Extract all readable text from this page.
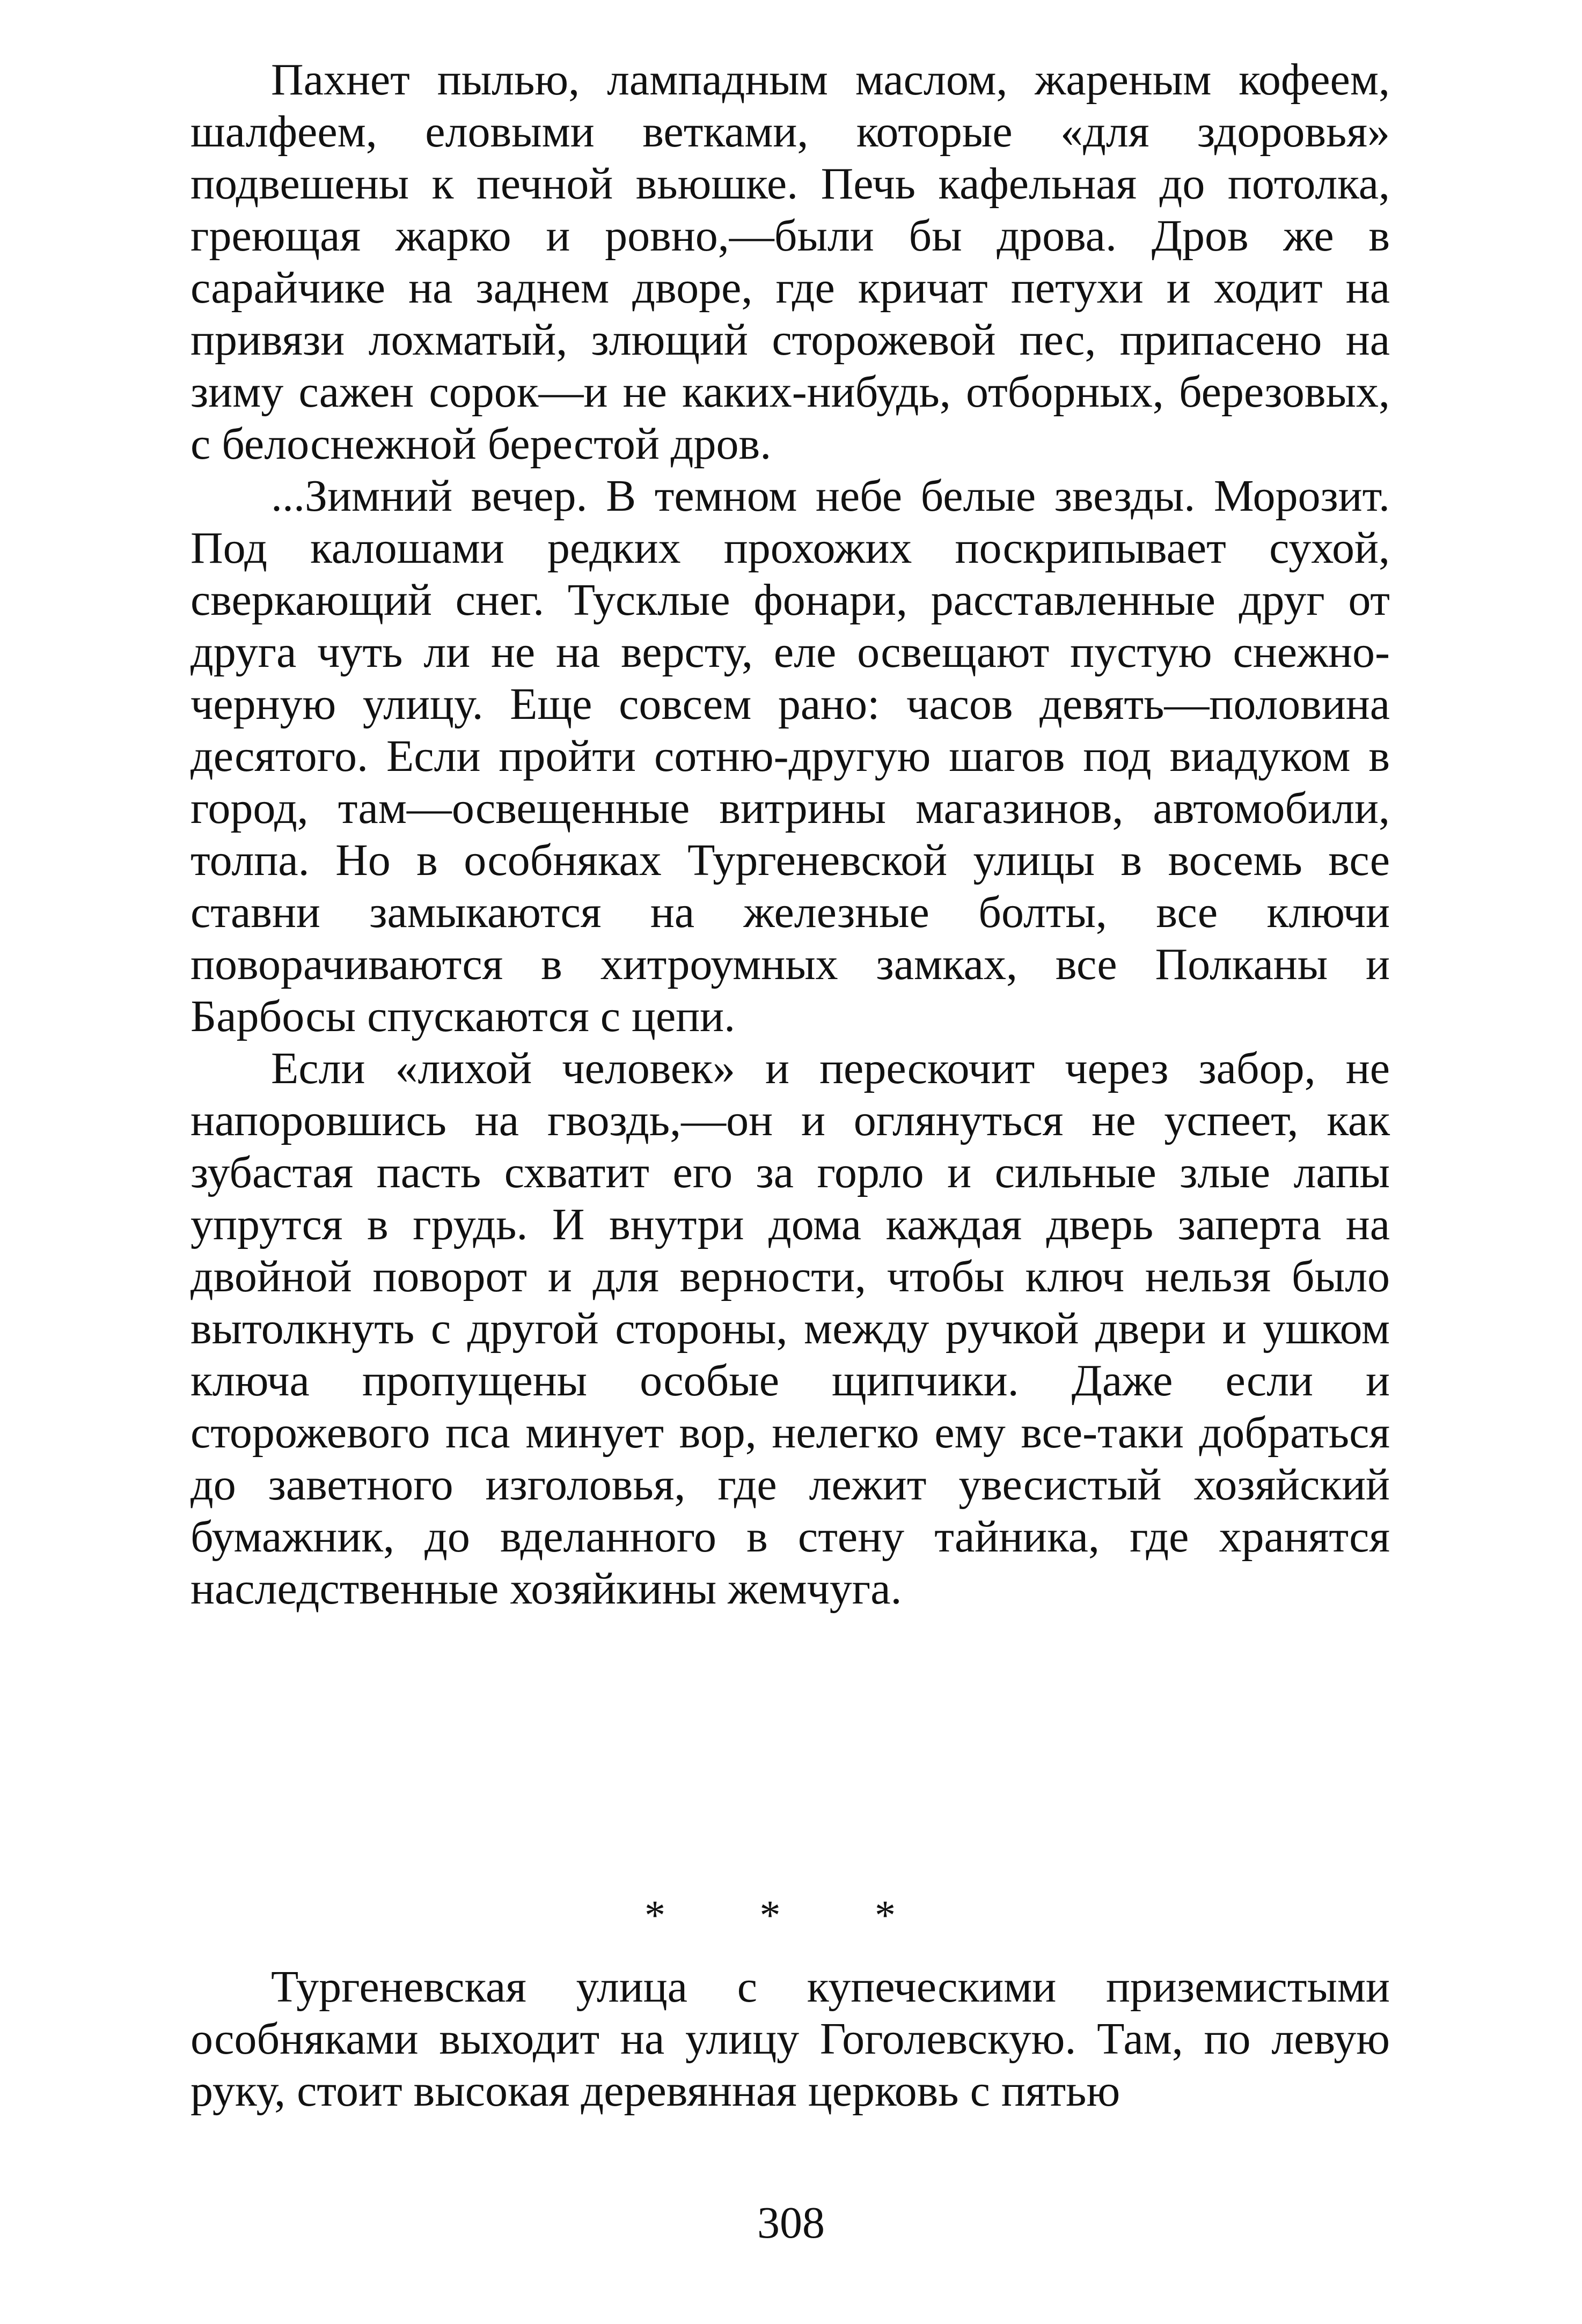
Пахнет пылью, лампадным маслом, жареным кофеем, шалфеем, еловыми ветками, которые «для здоровья» подвешены к печной вьюшке. Печь кафельная до потолка, греющая жарко и ровно,—были бы дрова. Дров же в сарайчике на заднем дворе, где кричат петухи и ходит на привязи лохматый, злющий сторожевой пес, припасено на зиму сажен сорок—и не каких-нибудь, отборных, березовых, с белоснежной берестой дров.

...Зимний вечер. В темном небе белые звезды. Морозит. Под калошами редких прохожих поскрипывает сухой, сверкающий снег. Тусклые фонари, расставленные друг от друга чуть ли не на версту, еле освещают пустую снежно-черную улицу. Еще совсем рано: часов девять—половина десятого. Если пройти сотню-другую шагов под виадуком в город, там—освещенные витрины магазинов, автомобили, толпа. Но в особняках Тургеневской улицы в восемь все ставни замыкаются на железные болты, все ключи поворачиваются в хитроумных замках, все Полканы и Барбосы спускаются с цепи.

Если «лихой человек» и перескочит через забор, не напоровшись на гвоздь,—он и оглянуться не успеет, как зубастая пасть схватит его за горло и сильные злые лапы упрутся в грудь. И внутри дома каждая дверь заперта на двойной поворот и для верности, чтобы ключ нельзя было вытолкнуть с другой стороны, между ручкой двери и ушком ключа пропущены особые щипчики. Даже если и сторожевого пса минует вор, нелегко ему все-таки добраться до заветного изголовья, где лежит увесистый хозяйский бумажник, до вделанного в стену тайника, где хранятся наследственные хозяйкины жемчуга.

* * *

Тургеневская улица с купеческими приземистыми особняками выходит на улицу Гоголевскую. Там, по левую руку, стоит высокая деревянная церковь с пятью

308
